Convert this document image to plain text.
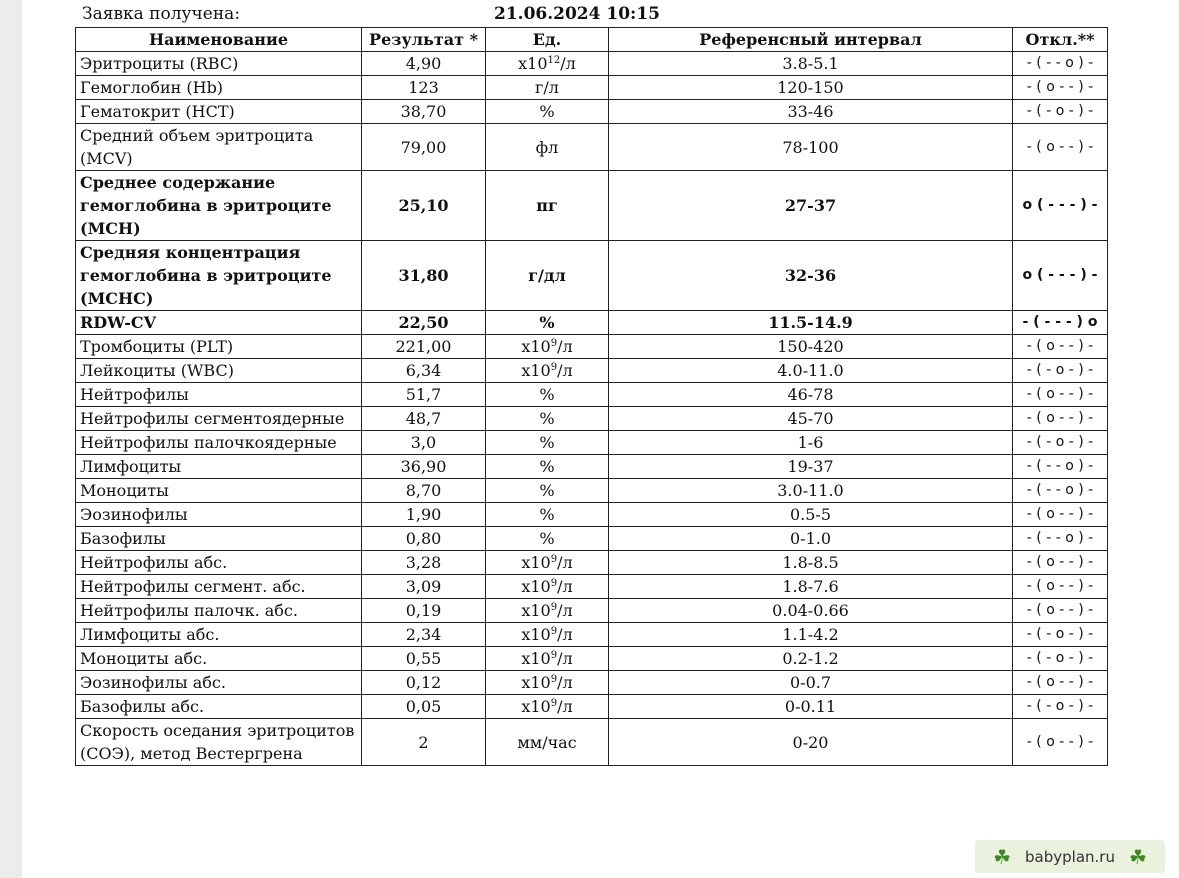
Заявка получена:	21.06.2024 10:15
Наименование	Результат *	Ед.	Референсный интервал	Откл.**
Эритроциты (RBC)	4,90	$x10^{12}/л$	3.8-5.1	- ( - - o ) -
Гемоглобин (Hb)	123	г/л	120-150	- ( o - - ) -
Гематокрит (HCT)	38,70	%	33-46	- ( - o - ) -
Средний объем эритроцита (MCV)	79,00	фл	78-100	- ( o - - ) -
Среднее содержание гемоглобина в эритроците (MCH)	25,10	пг	27-37	o ( - - - ) -
Средняя концентрация гемоглобина в эритроците (MCHC)	31,80	г/дл	32-36	o ( - - - ) -
RDW-CV	22,50	%	11.5-14.9	- ( - - - ) o
Тромбоциты (PLT)	221,00	$x10^9/л$	150-420	- ( o - - ) -
Лейкоциты (WBC)	6,34	$x10^9/л$	4.0-11.0	- ( - o - ) -
Нейтрофилы	51,7	%	46-78	- ( o - - ) -
Нейтрофилы сегментоядерные	48,7	%	45-70	- ( o - - ) -
Нейтрофилы палочкоядерные	3,0	%	1-6	- ( - o - ) -
Лимфоциты	36,90	%	19-37	- ( - - o ) -
Моноциты	8,70	%	3.0-11.0	- ( - - o ) -
Эозинофилы	1,90	%	0.5-5	- ( o - - ) -
Базофилы	0,80	%	0-1.0	- ( - - o ) -
Нейтрофилы абс.	3,28	$x10^9/л$	1.8-8.5	- ( o - - ) -
Нейтрофилы сегмент. абс.	3,09	$x10^9/л$	1.8-7.6	- ( o - - ) -
Нейтрофилы палочк. абс.	0,19	$x10^9/л$	0.04-0.66	- ( o - - ) -
Лимфоциты абс.	2,34	$x10^9/л$	1.1-4.2	- ( - o - ) -
Моноциты абс.	0,55	$x10^9/л$	0.2-1.2	- ( - o - ) -
Эозинофилы абс.	0,12	$x10^9/л$	0-0.7	- ( o - - ) -
Базофилы абс.	0,05	$x10^9/л$	0-0.11	- ( - o - ) -
Скорость оседания эритроцитов (СОЭ), метод Вестергрена	2	мм/час	0-20	- ( o - - ) -
☘ babyplan.ru ☘
